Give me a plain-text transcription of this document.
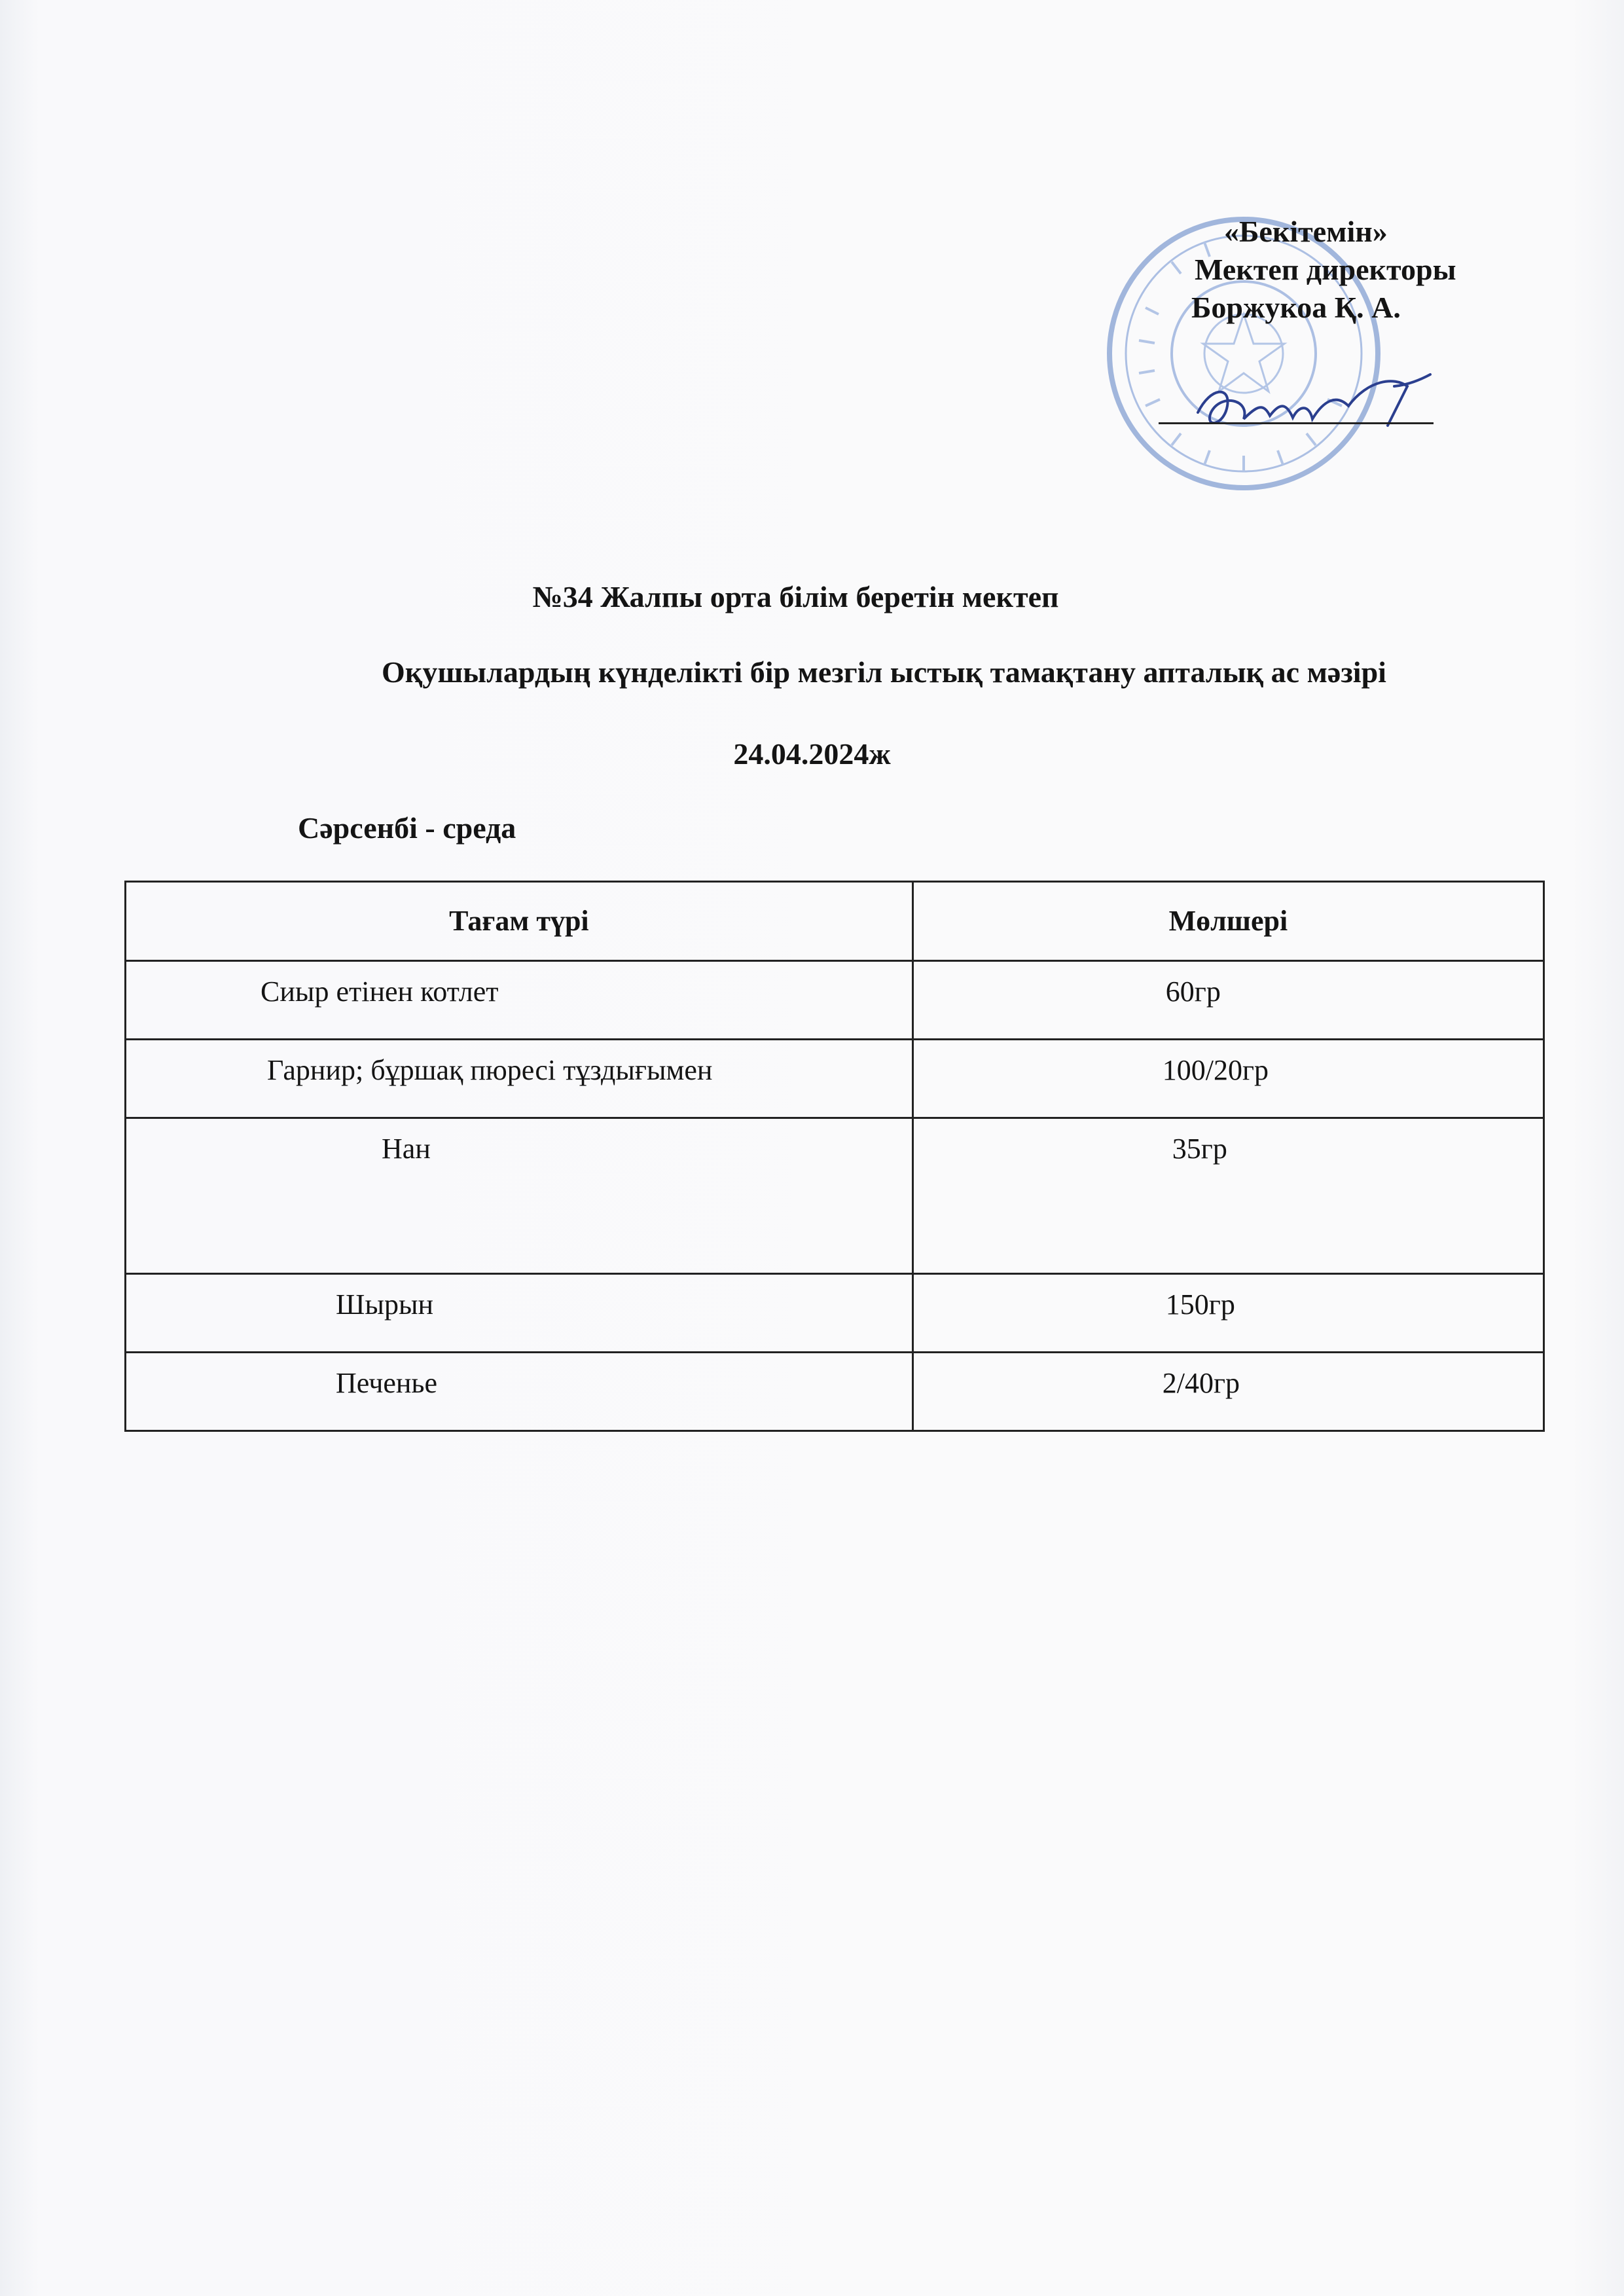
«Бекітемін»
Мектеп директоры
Боржукоа Қ. А.
№34 Жалпы орта білім беретін мектеп
Оқушылардың күнделікті бір мезгіл ыстық тамақтану апталық ас мәзірі
24.04.2024ж
Сәрсенбі - среда
Тағам түрі	Мөлшері

Сиыр етінен котлет	60гр

Гарнир; бұршақ пюресі тұздығымен	100/20гр

Нан	35гр

Шырын	150гр

Печенье	2/40гр
